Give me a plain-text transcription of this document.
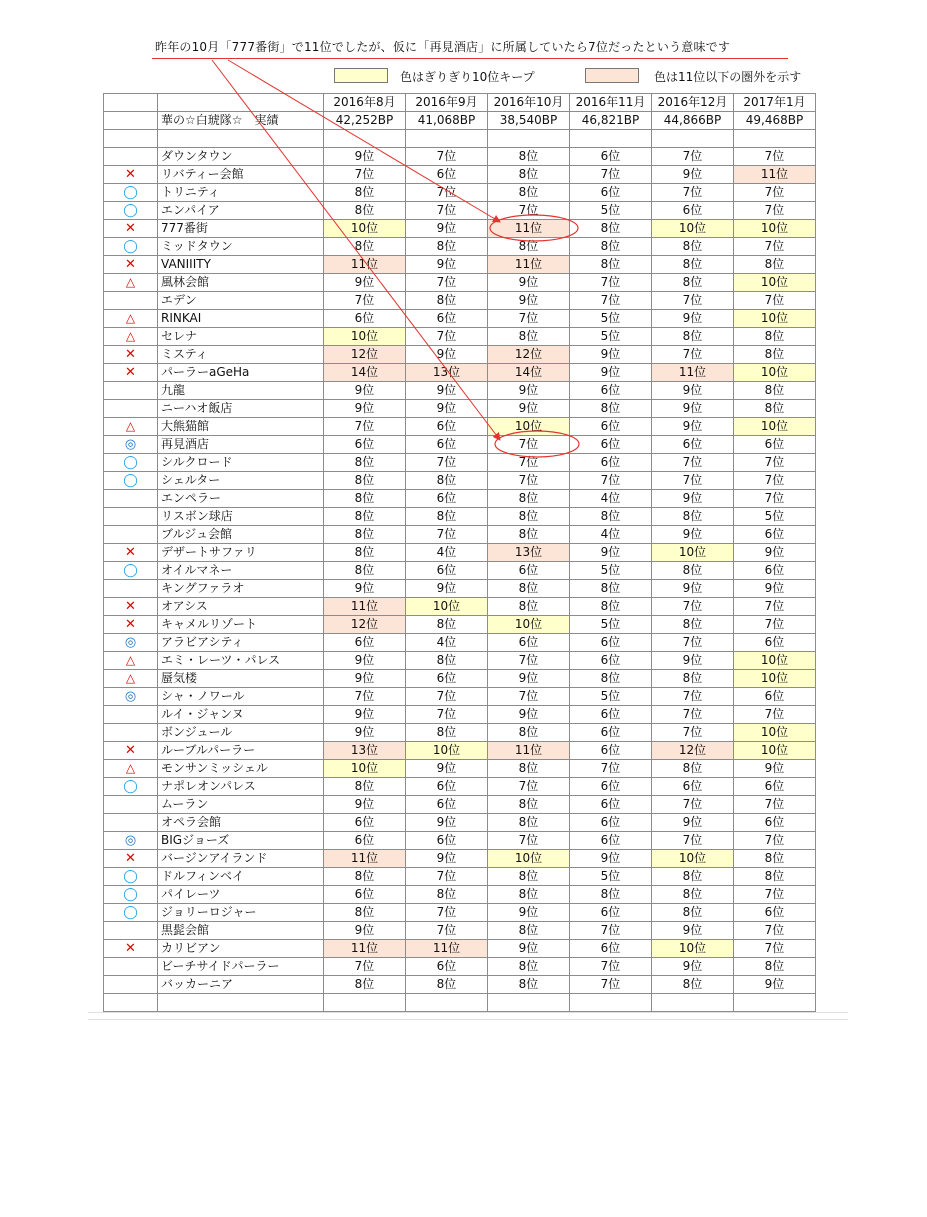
昨年の10月「777番街」で11位でしたが、仮に「再見酒店」に所属していたら7位だったという意味です
色はぎりぎり10位キープ	色は11位以下の圏外を示す
		2016年8月	2016年9月	2016年10月	2016年11月	2016年12月	2017年1月
	華の☆白琥隊☆　実績	42,252BP	41,068BP	38,540BP	46,821BP	44,866BP	49,468BP

	ダウンタウン	9位	7位	8位	6位	7位	7位
✕	リバティー会館	7位	6位	8位	7位	9位	11位
◯	トリニティ	8位	7位	8位	6位	7位	7位
◯	エンパイア	8位	7位	7位	5位	6位	7位
✕	777番街	10位	9位	11位	8位	10位	10位
◯	ミッドタウン	8位	8位	8位	8位	8位	7位
✕	VANIIITY	11位	9位	11位	8位	8位	8位
△	風林会館	9位	7位	9位	7位	8位	10位
	エデン	7位	8位	9位	7位	7位	7位
△	RINKAI	6位	6位	7位	5位	9位	10位
△	セレナ	10位	7位	8位	5位	8位	8位
✕	ミスティ	12位	9位	12位	9位	7位	8位
✕	パーラーaGeHa	14位	13位	14位	9位	11位	10位
	九龍	9位	9位	9位	6位	9位	8位
	ニーハオ飯店	9位	9位	9位	8位	9位	8位
△	大熊猫館	7位	6位	10位	6位	9位	10位
◎	再見酒店	6位	6位	7位	6位	6位	6位
◯	シルクロード	8位	7位	7位	6位	7位	7位
◯	シェルター	8位	8位	7位	7位	7位	7位
	エンペラー	8位	6位	8位	4位	9位	7位
	リスボン球店	8位	8位	8位	8位	8位	5位
	ブルジュ会館	8位	7位	8位	4位	9位	6位
✕	デザートサファリ	8位	4位	13位	9位	10位	9位
◯	オイルマネー	8位	6位	6位	5位	8位	6位
	キングファラオ	9位	9位	8位	8位	9位	9位
✕	オアシス	11位	10位	8位	8位	7位	7位
✕	キャメルリゾート	12位	8位	10位	5位	8位	7位
◎	アラビアシティ	6位	4位	6位	6位	7位	6位
△	エミ・レーツ・パレス	9位	8位	7位	6位	9位	10位
△	蜃気楼	9位	6位	9位	8位	8位	10位
◎	シャ・ノワール	7位	7位	7位	5位	7位	6位
	ルイ・ジャンヌ	9位	7位	9位	6位	7位	7位
	ボンジュール	9位	8位	8位	6位	7位	10位
✕	ルーブルパーラー	13位	10位	11位	6位	12位	10位
△	モンサンミッシェル	10位	9位	8位	7位	8位	9位
◯	ナポレオンパレス	8位	6位	7位	6位	6位	6位
	ムーラン	9位	6位	8位	6位	7位	7位
	オペラ会館	6位	9位	8位	6位	9位	6位
◎	BIGジョーズ	6位	6位	7位	6位	7位	7位
✕	バージンアイランド	11位	9位	10位	9位	10位	8位
◯	ドルフィンベイ	8位	7位	8位	5位	8位	8位
◯	パイレーツ	6位	8位	8位	8位	8位	7位
◯	ジョリーロジャー	8位	7位	9位	6位	8位	6位
	黒髭会館	9位	7位	8位	7位	9位	7位
✕	カリビアン	11位	11位	9位	6位	10位	7位
	ビーチサイドパーラー	7位	6位	8位	7位	9位	8位
	バッカーニア	8位	8位	8位	7位	8位	9位
